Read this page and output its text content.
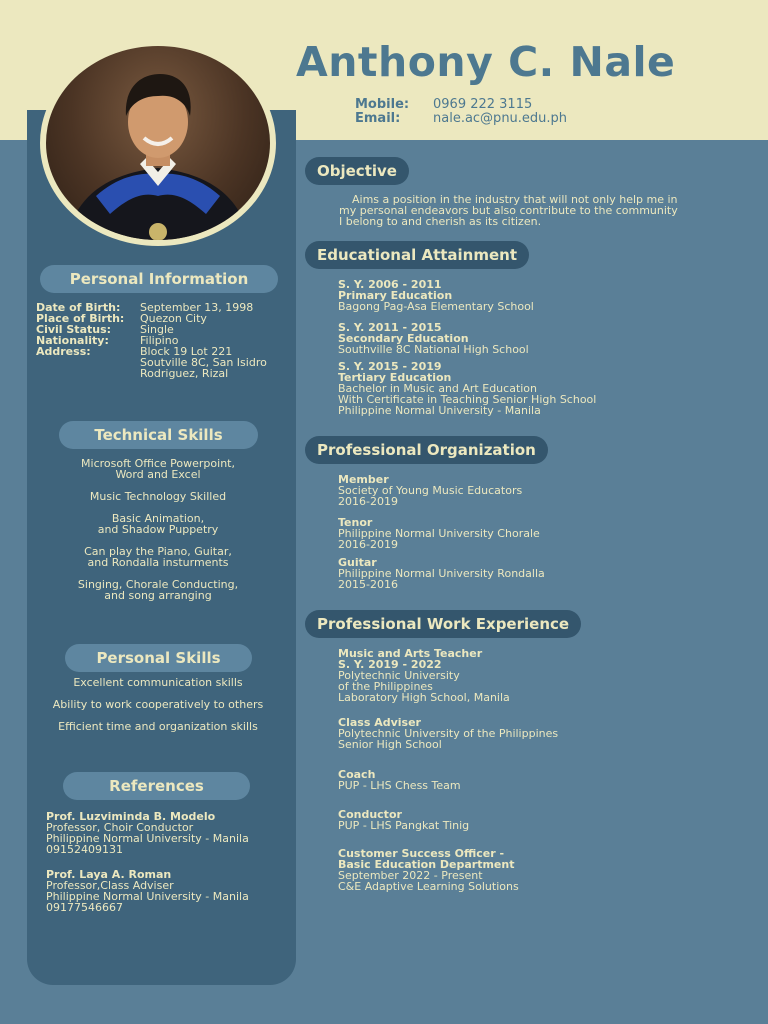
Anthony C. Nale
Mobile: 0969 222 3115
Email:	nale.ac@pnu.edu.ph
Personal Information
Date of Birth: September 13, 1998
Place of Birth: Quezon City
Civil Status:	Single
Nationality:	Filipino
Address:	Block 19 Lot 221
Soutville 8C, San Isidro
Rodriguez, Rizal
Technical Skills
Microsoft Office Powerpoint,
Word and Excel
Music Technology Skilled
Basic Animation,
and Shadow Puppetry
Can play the Piano, Guitar,
and Rondalla insturments
Singing, Chorale Conducting,
and song arranging
Personal Skills
Excellent communication skills
Ability to work cooperatively to others
Efficient time and organization skills
References
Prof. Luzviminda B. Modelo
Professor, Choir Conductor
Philippine Normal University - Manila
09152409131
Prof. Laya A. Roman
Professor,Class Adviser
Philippine Normal University - Manila
09177546667
Objective
Aims a position in the industry that will not only help me in
my personal endeavors but also contribute to the community
I belong to and cherish as its citizen.
Educational Attainment
S. Y. 2006 - 2011
Primary Education
Bagong Pag-Asa Elementary School
S. Y. 2011 - 2015
Secondary Education
Southville 8C National High School
S. Y. 2015 - 2019
Tertiary Education
Bachelor in Music and Art Education
With Certificate in Teaching Senior High School
Philippine Normal University - Manila
Professional Organization
Member
Society of Young Music Educators
2016-2019
Tenor
Philippine Normal University Chorale
2016-2019
Guitar
Philippine Normal University Rondalla
2015-2016
Professional Work Experience
Music and Arts Teacher
S. Y. 2019 - 2022
Polytechnic University
of the Philippines
Laboratory High School, Manila
Class Adviser
Polytechnic University of the Philippines
Senior High School
Coach
PUP - LHS Chess Team
Conductor
PUP - LHS Pangkat Tinig
Customer Success Officer -
Basic Education Department
September 2022 - Present
C&E Adaptive Learning Solutions
